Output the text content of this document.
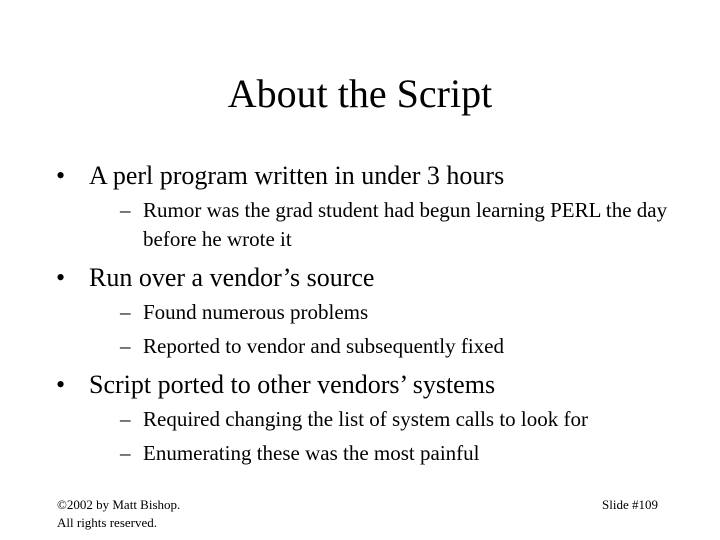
About the Script
• A perl program written in under 3 hours
– Rumor was the grad student had begun learning PERL the day before he wrote it
• Run over a vendor’s source
– Found numerous problems
– Reported to vendor and subsequently fixed
• Script ported to other vendors’ systems
– Required changing the list of system calls to look for
– Enumerating these was the most painful
©2002 by Matt Bishop.
All rights reserved.
Slide #109
